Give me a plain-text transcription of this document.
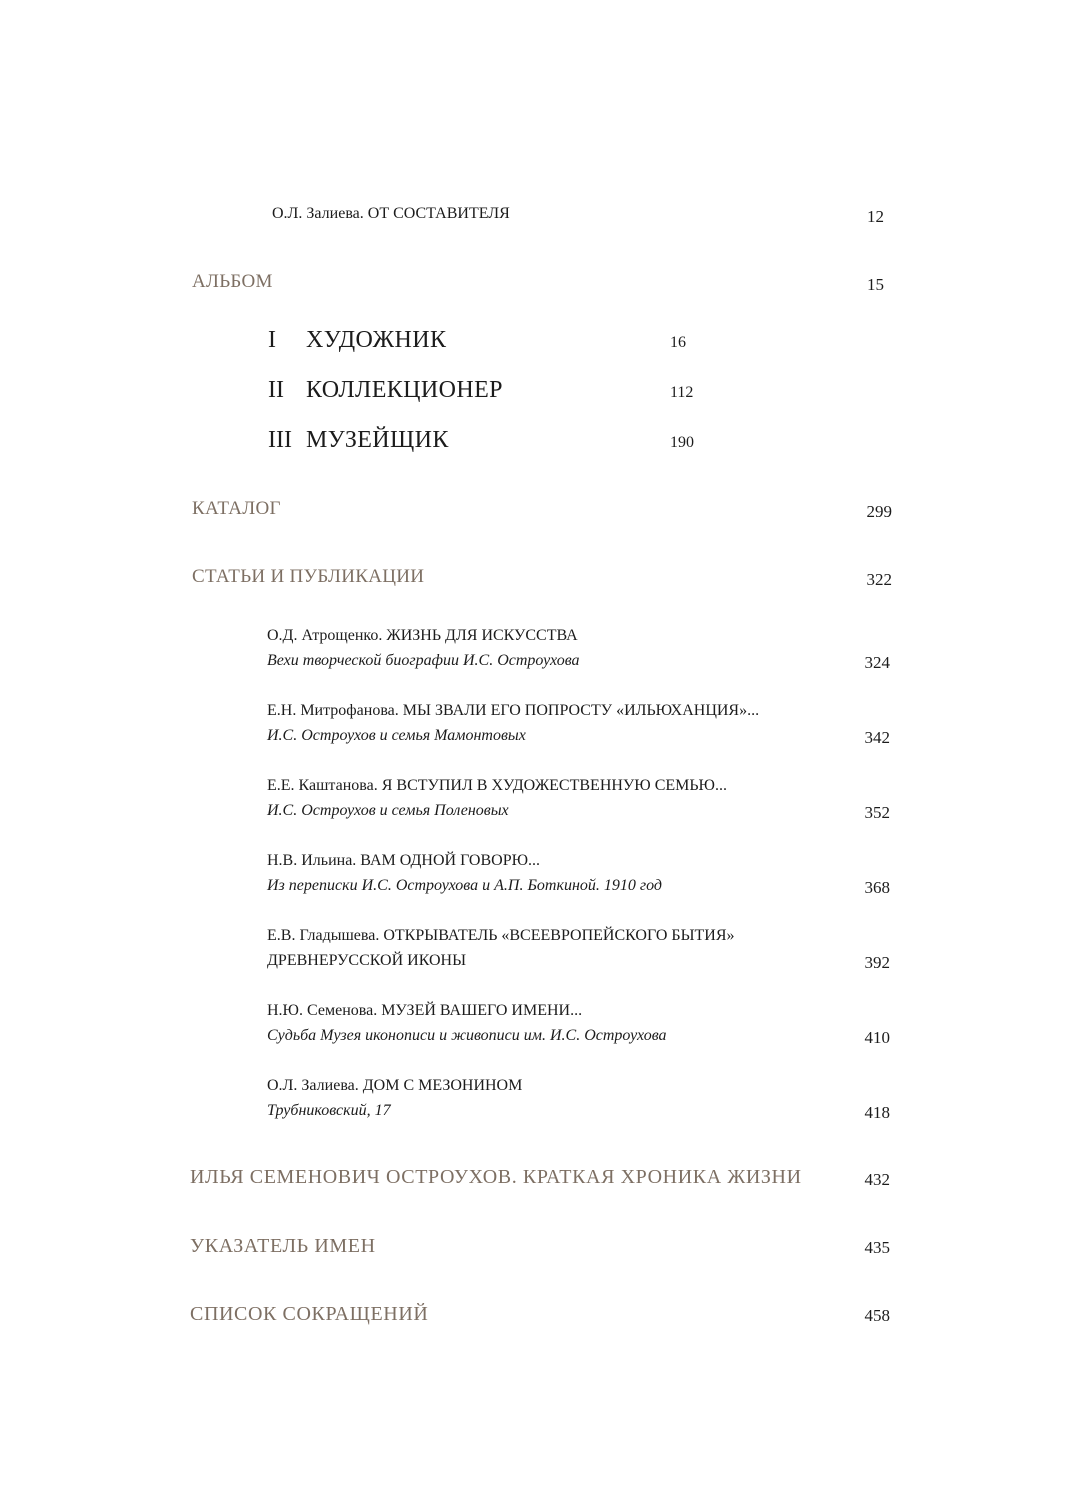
О.Л. Залиева. ОТ СОСТАВИТЕЛЯ	12
АЛЬБОМ	15
I ХУДОЖНИК	16
II КОЛЛЕКЦИОНЕР	112
III МУЗЕЙЩИК	190
КАТАЛОГ	299
СТАТЬИ И ПУБЛИКАЦИИ	322
О.Д. Атрощенко. ЖИЗНЬ ДЛЯ ИСКУССТВА
Вехи творческой биографии И.С. Остроухова	324
Е.Н. Митрофанова. МЫ ЗВАЛИ ЕГО ПОПРОСТУ «ИЛЬЮХАНЦИЯ»...
И.С. Остроухов и семья Мамонтовых	342
Е.Е. Каштанова. Я ВСТУПИЛ В ХУДОЖЕСТВЕННУЮ СЕМЬЮ...
И.С. Остроухов и семья Поленовых	352
Н.В. Ильина. ВАМ ОДНОЙ ГОВОРЮ...
Из переписки И.С. Остроухова и А.П. Боткиной. 1910 год	368
Е.В. Гладышева. ОТКРЫВАТЕЛЬ «ВСЕЕВРОПЕЙСКОГО БЫТИЯ»
ДРЕВНЕРУССКОЙ ИКОНЫ	392
Н.Ю. Семенова. МУЗЕЙ ВАШЕГО ИМЕНИ...
Судьба Музея иконописи и живописи им. И.С. Остроухова	410
О.Л. Залиева. ДОМ С МЕЗОНИНОМ
Трубниковский, 17	418
ИЛЬЯ СЕМЕНОВИЧ ОСТРОУХОВ. КРАТКАЯ ХРОНИКА ЖИЗНИ	432
УКАЗАТЕЛЬ ИМЕН	435
СПИСОК СОКРАЩЕНИЙ	458
